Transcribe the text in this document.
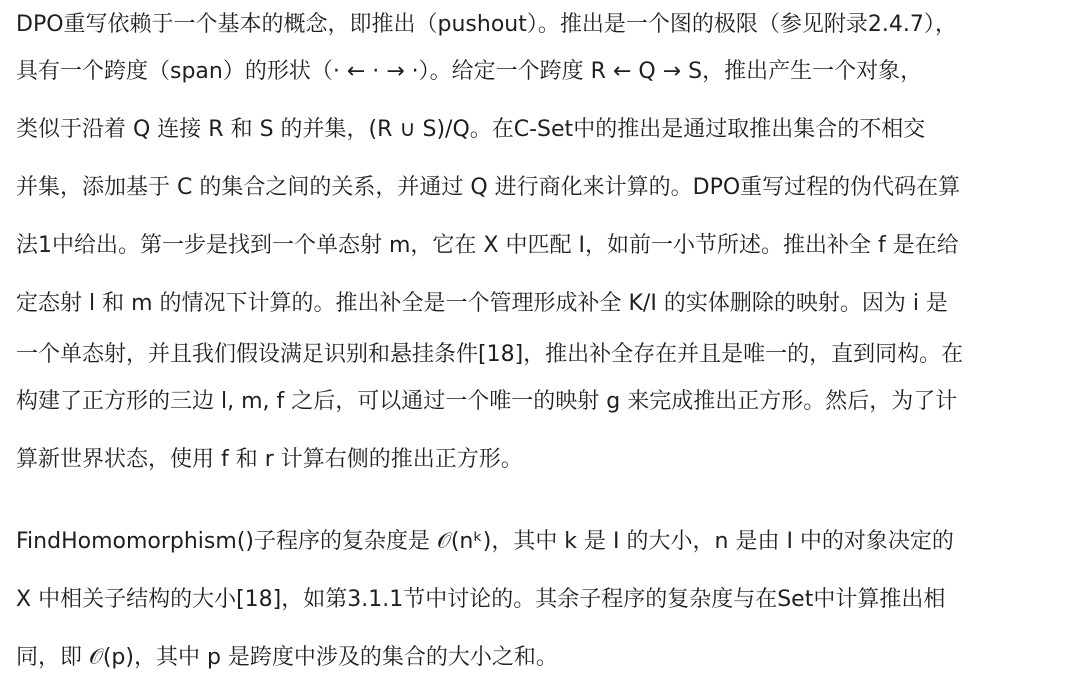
DPO重写依赖于一个基本的概念，即推出（pushout）。推出是一个图的极限（参见附录2.4.7），
具有一个跨度（span）的形状（· ← · → ·）。给定一个跨度 R ← Q → S，推出产生一个对象，
类似于沿着 Q 连接 R 和 S 的并集，(R ∪ S)/Q。在C-Set中的推出是通过取推出集合的不相交
并集，添加基于 C 的集合之间的关系，并通过 Q 进行商化来计算的。DPO重写过程的伪代码在算
法1中给出。第一步是找到一个单态射 m，它在 X 中匹配 I，如前一小节所述。推出补全 f 是在给
定态射 l 和 m 的情况下计算的。推出补全是一个管理形成补全 K/I 的实体删除的映射。因为 i 是
一个单态射，并且我们假设满足识别和悬挂条件[18]，推出补全存在并且是唯一的，直到同构。在
构建了正方形的三边 l, m, f 之后，可以通过一个唯一的映射 g 来完成推出正方形。然后，为了计
算新世界状态，使用 f 和 r 计算右侧的推出正方形。
FindHomomorphism()子程序的复杂度是 𝒪(nᵏ)，其中 k 是 I 的大小，n 是由 I 中的对象决定的
X 中相关子结构的大小[18]，如第3.1.1节中讨论的。其余子程序的复杂度与在Set中计算推出相
同，即 𝒪(p)，其中 p 是跨度中涉及的集合的大小之和。
